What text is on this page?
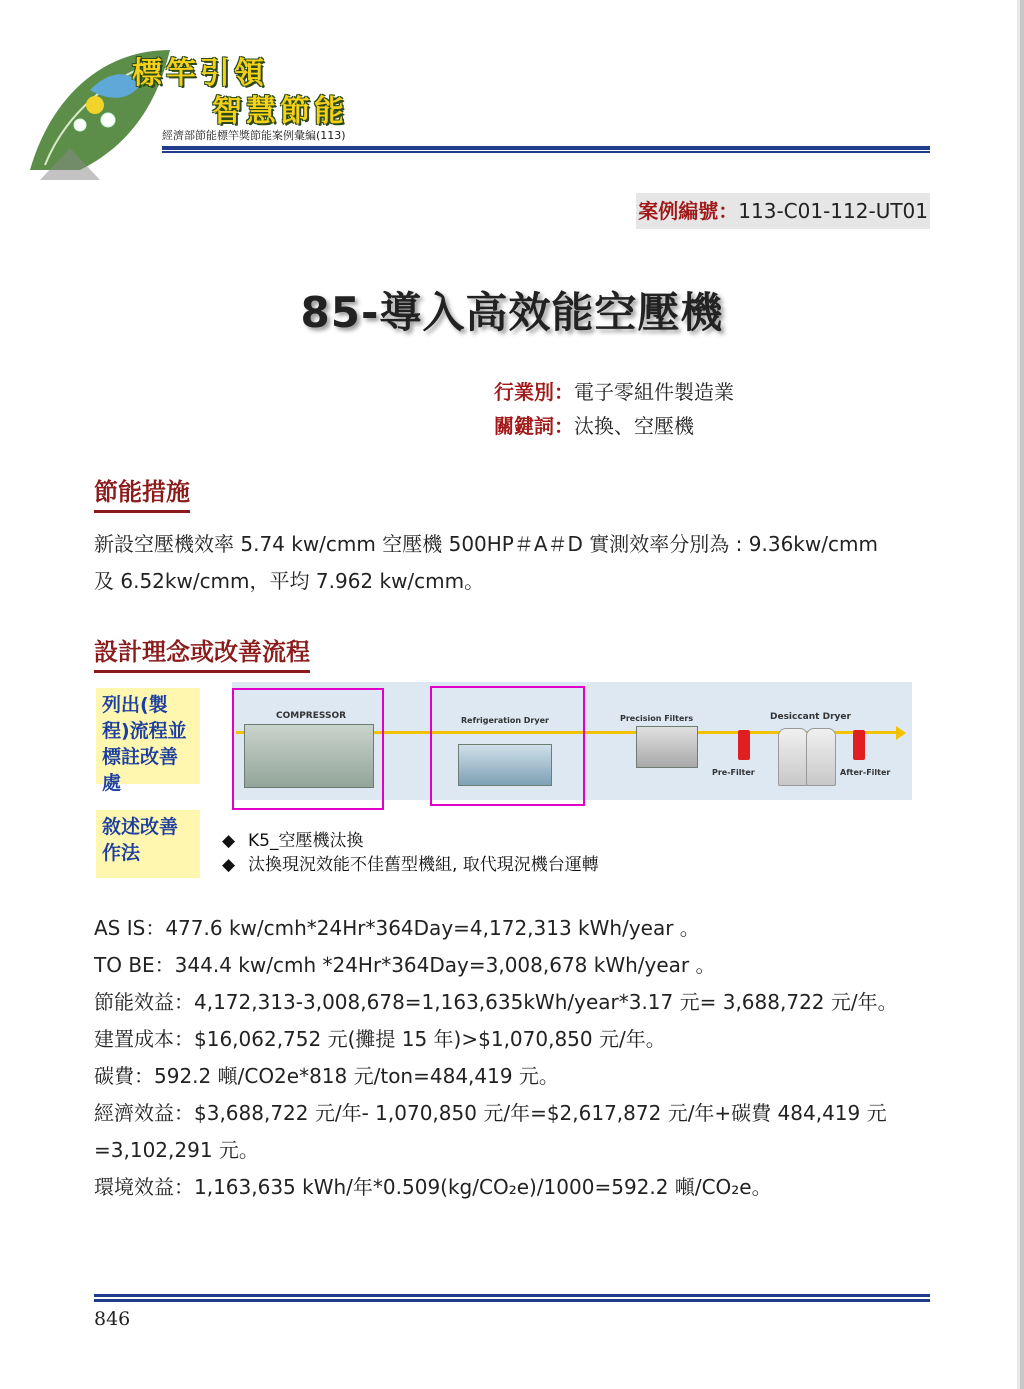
標竿引領
智慧節能
經濟部節能標竿獎節能案例彙編(113)
案例編號：113-C01-112-UT01
85-導入高效能空壓機
行業別：電子零組件製造業
關鍵詞：汰換、空壓機
節能措施
新設空壓機效率 5.74 kw/cmm 空壓機 500HP＃A＃D 實測效率分別為 : 9.36kw/cmm
及 6.52kw/cmm，平均 7.962 kw/cmm。
設計理念或改善流程
列出(製程)流程並標註改善處
敘述改善作法
COMPRESSOR	Refrigeration Dryer	Precision Filters
Pre-Filter
Desiccant Dryer
After-Filter
◆ K5_空壓機汰換
◆ 汰換現況效能不佳舊型機組, 取代現況機台運轉
AS IS：477.6 kw/cmh*24Hr*364Day=4,172,313 kWh/year 。
TO BE：344.4 kw/cmh *24Hr*364Day=3,008,678 kWh/year 。
節能效益：4,172,313-3,008,678=1,163,635kWh/year*3.17 元= 3,688,722 元/年。
建置成本：$16,062,752 元(攤提 15 年)>$1,070,850 元/年。
碳費：592.2 噸/CO2e*818 元/ton=484,419 元。
經濟效益：$3,688,722 元/年- 1,070,850 元/年=$2,617,872 元/年+碳費 484,419 元
=3,102,291 元。
環境效益：1,163,635 kWh/年*0.509(kg/CO₂e)/1000=592.2 噸/CO₂e。
846
